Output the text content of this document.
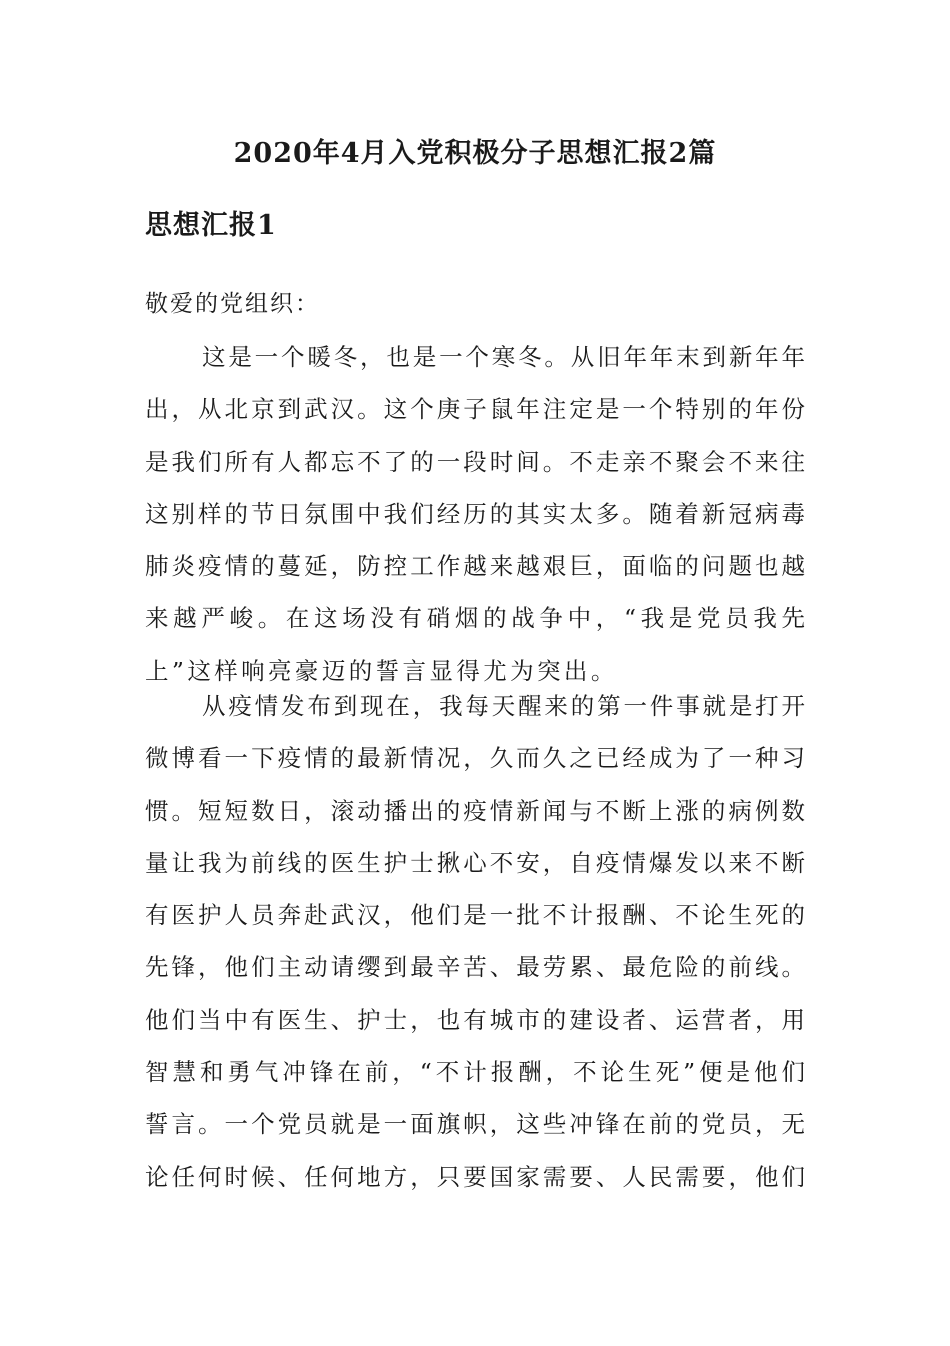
2020年4月入党积极分子思想汇报2篇
思想汇报1
敬爱的党组织：
这是一个暖冬，也是一个寒冬。从旧年年末到新年年
出，从北京到武汉。这个庚子鼠年注定是一个特别的年份
是我们所有人都忘不了的一段时间。不走亲不聚会不来往
这别样的节日氛围中我们经历的其实太多。随着新冠病毒
肺炎疫情的蔓延，防控工作越来越艰巨，面临的问题也越
来越严峻。在这场没有硝烟的战争中，“我是党员我先
上”这样响亮豪迈的誓言显得尤为突出。
从疫情发布到现在，我每天醒来的第一件事就是打开
微博看一下疫情的最新情况，久而久之已经成为了一种习
惯。短短数日，滚动播出的疫情新闻与不断上涨的病例数
量让我为前线的医生护士揪心不安，自疫情爆发以来不断
有医护人员奔赴武汉，他们是一批不计报酬、不论生死的
先锋，他们主动请缨到最辛苦、最劳累、最危险的前线。
他们当中有医生、护士，也有城市的建设者、运营者，用
智慧和勇气冲锋在前，“不计报酬，不论生死”便是他们
誓言。一个党员就是一面旗帜，这些冲锋在前的党员，无
论任何时候、任何地方，只要国家需要、人民需要，他们
